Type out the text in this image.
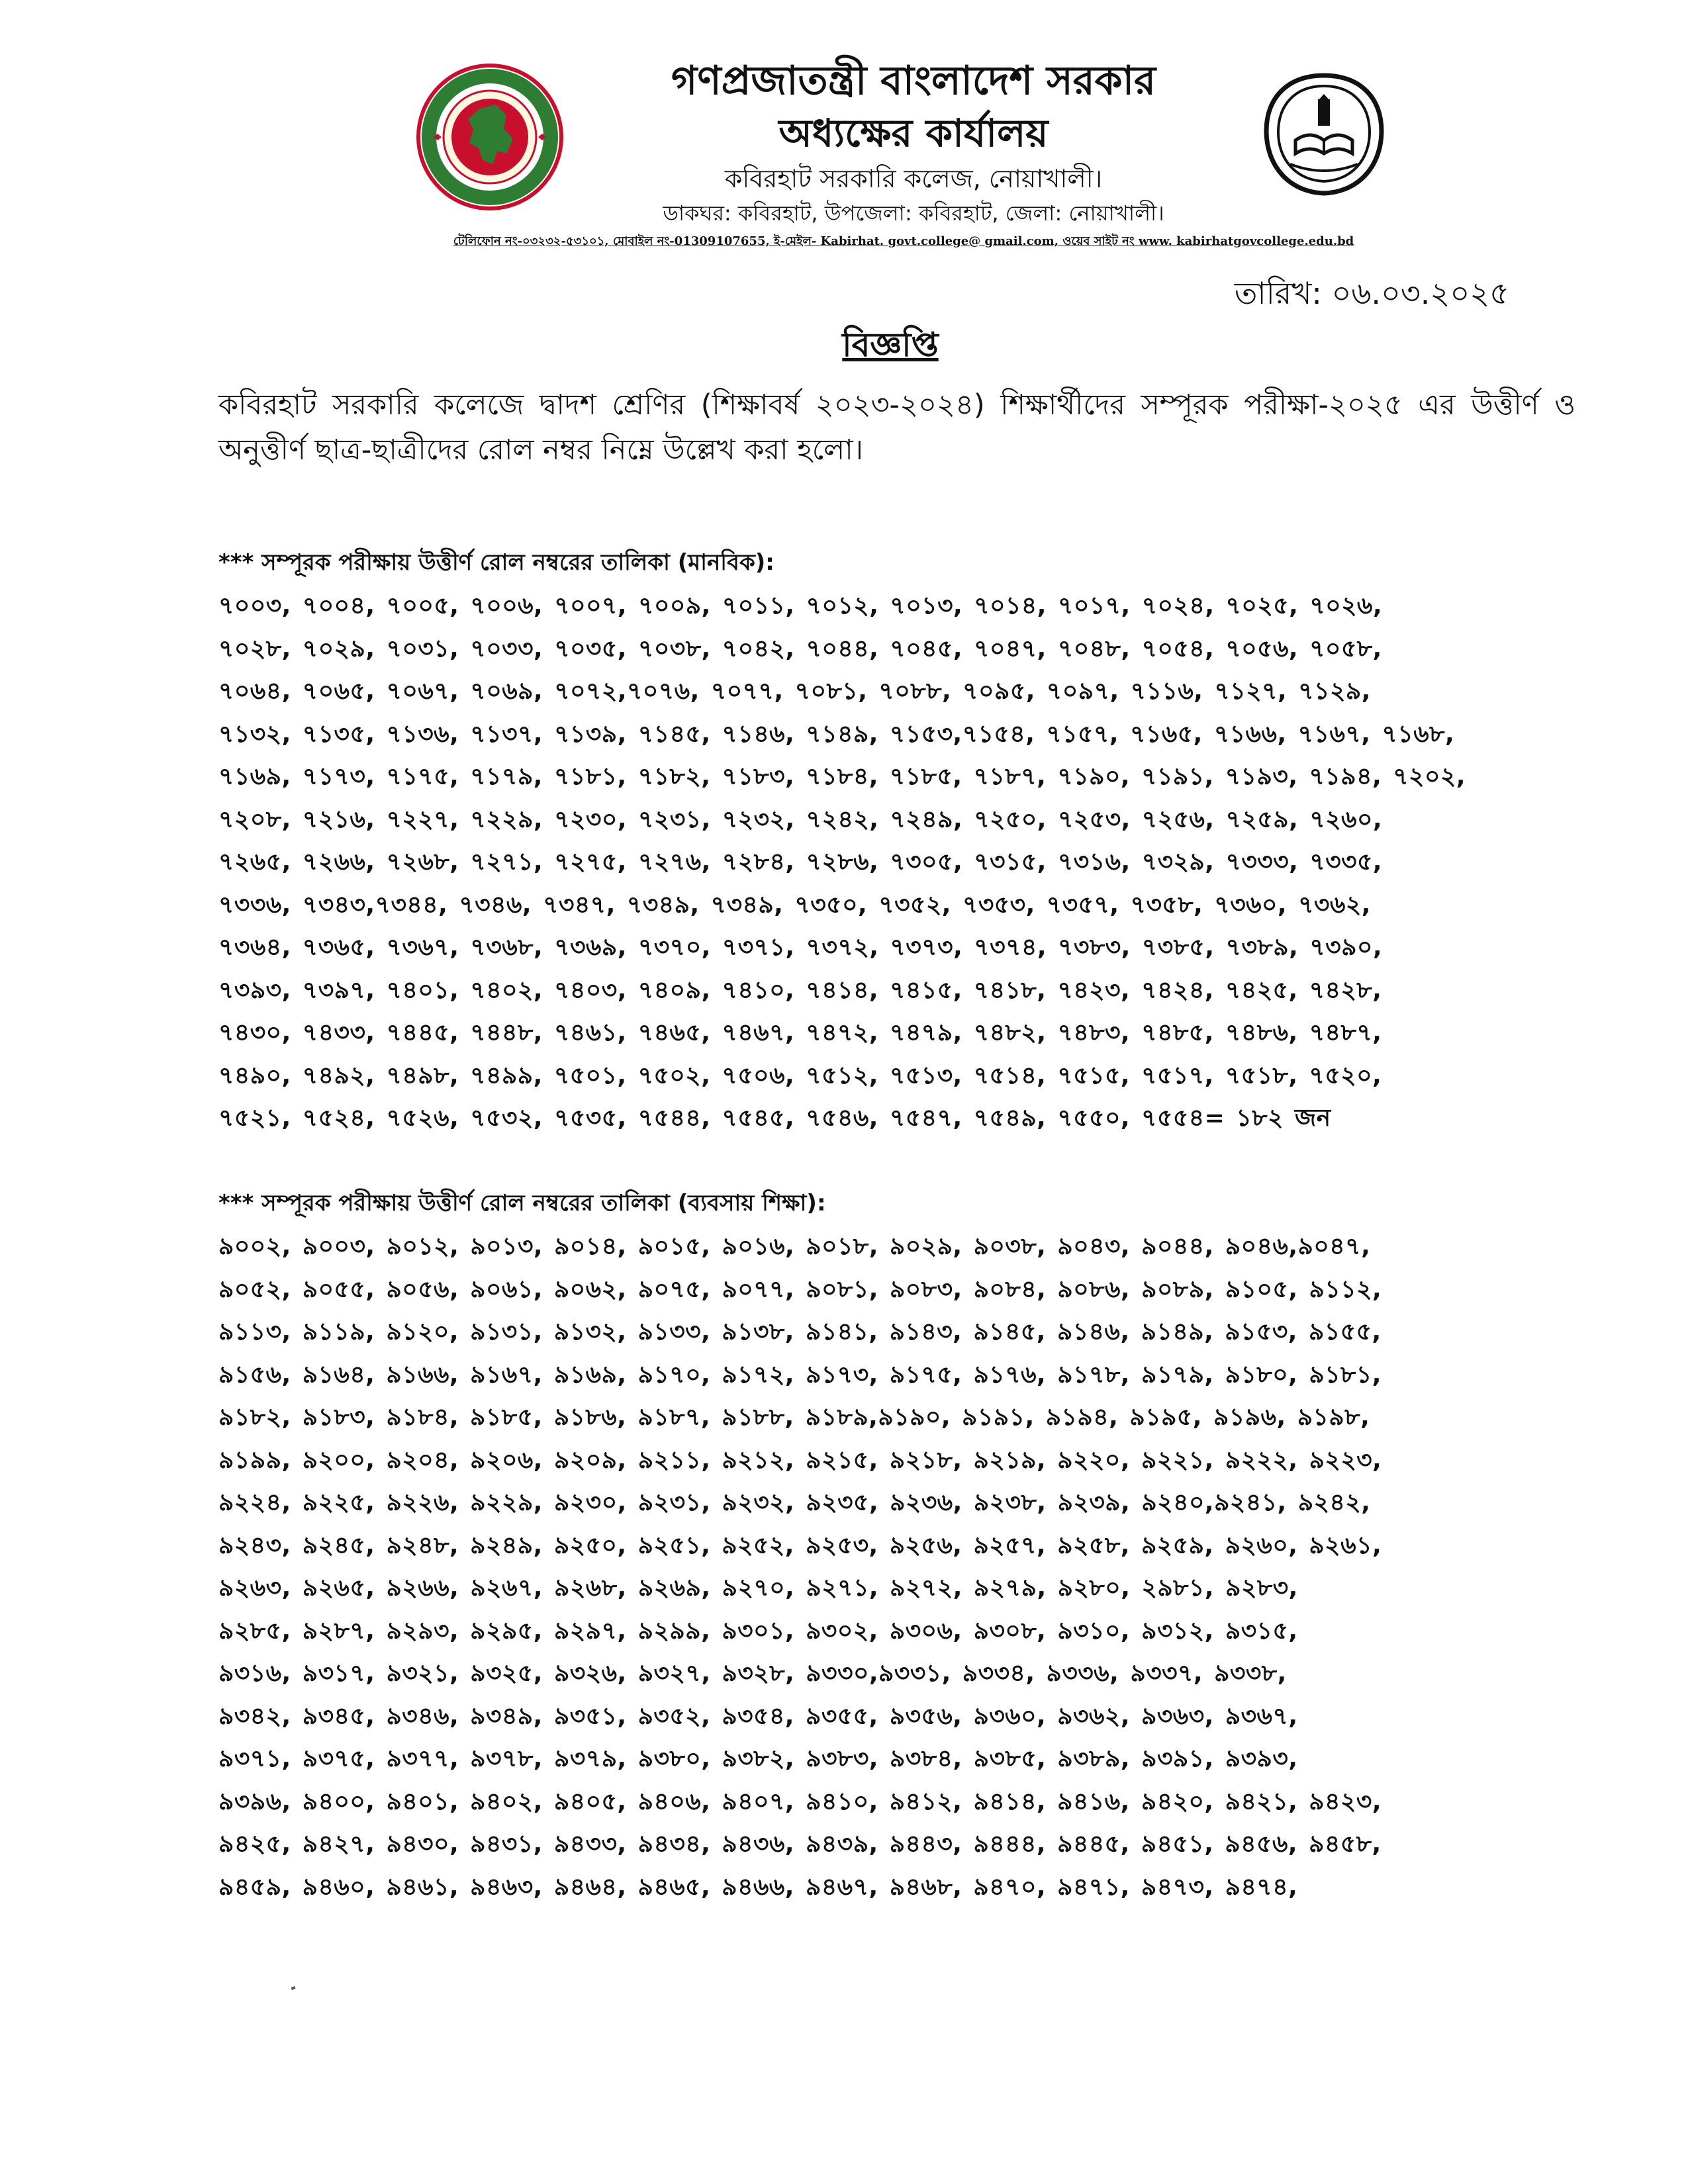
গণপ্রজাতন্ত্রী বাংলাদেশ সরকার
অধ্যক্ষের কার্যালয়
কবিরহাট সরকারি কলেজ, নোয়াখালী।
ডাকঘর: কবিরহাট, উপজেলা: কবিরহাট, জেলা: নোয়াখালী।
টেলিফোন নং-০৩২৩২-৫৩১০১, মোবাইল নং-01309107655, ই-মেইল- Kabirhat. govt.college@ gmail.com, ওয়েব সাইট নং www. kabirhatgovcollege.edu.bd
তারিখ: ০৬.০৩.২০২৫
বিজ্ঞপ্তি
কবিরহাট সরকারি কলেজে দ্বাদশ শ্রেণির (শিক্ষাবর্ষ ২০২৩-২০২৪) শিক্ষার্থীদের সম্পূরক পরীক্ষা-২০২৫ এর উত্তীর্ণ ও অনুত্তীর্ণ ছাত্র-ছাত্রীদের রোল নম্বর নিম্নে উল্লেখ করা হলো।
*** সম্পূরক পরীক্ষায় উত্তীর্ণ রোল নম্বরের তালিকা (মানবিক):
৭০০৩, ৭০০৪, ৭০০৫, ৭০০৬, ৭০০৭, ৭০০৯, ৭০১১, ৭০১২, ৭০১৩, ৭০১৪, ৭০১৭, ৭০২৪, ৭০২৫, ৭০২৬,
৭০২৮, ৭০২৯, ৭০৩১, ৭০৩৩, ৭০৩৫, ৭০৩৮, ৭০৪২, ৭০৪৪, ৭০৪৫, ৭০৪৭, ৭০৪৮, ৭০৫৪, ৭০৫৬, ৭০৫৮,
৭০৬৪, ৭০৬৫, ৭০৬৭, ৭০৬৯, ৭০৭২,৭০৭৬, ৭০৭৭, ৭০৮১, ৭০৮৮, ৭০৯৫, ৭০৯৭, ৭১১৬, ৭১২৭, ৭১২৯,
৭১৩২, ৭১৩৫, ৭১৩৬, ৭১৩৭, ৭১৩৯, ৭১৪৫, ৭১৪৬, ৭১৪৯, ৭১৫৩,৭১৫৪, ৭১৫৭, ৭১৬৫, ৭১৬৬, ৭১৬৭, ৭১৬৮,
৭১৬৯, ৭১৭৩, ৭১৭৫, ৭১৭৯, ৭১৮১, ৭১৮২, ৭১৮৩, ৭১৮৪, ৭১৮৫, ৭১৮৭, ৭১৯০, ৭১৯১, ৭১৯৩, ৭১৯৪, ৭২০২,
৭২০৮, ৭২১৬, ৭২২৭, ৭২২৯, ৭২৩০, ৭২৩১, ৭২৩২, ৭২৪২, ৭২৪৯, ৭২৫০, ৭২৫৩, ৭২৫৬, ৭২৫৯, ৭২৬০,
৭২৬৫, ৭২৬৬, ৭২৬৮, ৭২৭১, ৭২৭৫, ৭২৭৬, ৭২৮৪, ৭২৮৬, ৭৩০৫, ৭৩১৫, ৭৩১৬, ৭৩২৯, ৭৩৩৩, ৭৩৩৫,
৭৩৩৬, ৭৩৪৩,৭৩৪৪, ৭৩৪৬, ৭৩৪৭, ৭৩৪৯, ৭৩৪৯, ৭৩৫০, ৭৩৫২, ৭৩৫৩, ৭৩৫৭, ৭৩৫৮, ৭৩৬০, ৭৩৬২,
৭৩৬৪, ৭৩৬৫, ৭৩৬৭, ৭৩৬৮, ৭৩৬৯, ৭৩৭০, ৭৩৭১, ৭৩৭২, ৭৩৭৩, ৭৩৭৪, ৭৩৮৩, ৭৩৮৫, ৭৩৮৯, ৭৩৯০,
৭৩৯৩, ৭৩৯৭, ৭৪০১, ৭৪০২, ৭৪০৩, ৭৪০৯, ৭৪১০, ৭৪১৪, ৭৪১৫, ৭৪১৮, ৭৪২৩, ৭৪২৪, ৭৪২৫, ৭৪২৮,
৭৪৩০, ৭৪৩৩, ৭৪৪৫, ৭৪৪৮, ৭৪৬১, ৭৪৬৫, ৭৪৬৭, ৭৪৭২, ৭৪৭৯, ৭৪৮২, ৭৪৮৩, ৭৪৮৫, ৭৪৮৬, ৭৪৮৭,
৭৪৯০, ৭৪৯২, ৭৪৯৮, ৭৪৯৯, ৭৫০১, ৭৫০২, ৭৫০৬, ৭৫১২, ৭৫১৩, ৭৫১৪, ৭৫১৫, ৭৫১৭, ৭৫১৮, ৭৫২০,
৭৫২১, ৭৫২৪, ৭৫২৬, ৭৫৩২, ৭৫৩৫, ৭৫৪৪, ৭৫৪৫, ৭৫৪৬, ৭৫৪৭, ৭৫৪৯, ৭৫৫০, ৭৫৫৪= ১৮২ জন
*** সম্পূরক পরীক্ষায় উত্তীর্ণ রোল নম্বরের তালিকা (ব্যবসায় শিক্ষা):
৯০০২, ৯০০৩, ৯০১২, ৯০১৩, ৯০১৪, ৯০১৫, ৯০১৬, ৯০১৮, ৯০২৯, ৯০৩৮, ৯০৪৩, ৯০৪৪, ৯০৪৬,৯০৪৭,
৯০৫২, ৯০৫৫, ৯০৫৬, ৯০৬১, ৯০৬২, ৯০৭৫, ৯০৭৭, ৯০৮১, ৯০৮৩, ৯০৮৪, ৯০৮৬, ৯০৮৯, ৯১০৫, ৯১১২,
৯১১৩, ৯১১৯, ৯১২০, ৯১৩১, ৯১৩২, ৯১৩৩, ৯১৩৮, ৯১৪১, ৯১৪৩, ৯১৪৫, ৯১৪৬, ৯১৪৯, ৯১৫৩, ৯১৫৫,
৯১৫৬, ৯১৬৪, ৯১৬৬, ৯১৬৭, ৯১৬৯, ৯১৭০, ৯১৭২, ৯১৭৩, ৯১৭৫, ৯১৭৬, ৯১৭৮, ৯১৭৯, ৯১৮০, ৯১৮১,
৯১৮২, ৯১৮৩, ৯১৮৪, ৯১৮৫, ৯১৮৬, ৯১৮৭, ৯১৮৮, ৯১৮৯,৯১৯০, ৯১৯১, ৯১৯৪, ৯১৯৫, ৯১৯৬, ৯১৯৮,
৯১৯৯, ৯২০০, ৯২০৪, ৯২০৬, ৯২০৯, ৯২১১, ৯২১২, ৯২১৫, ৯২১৮, ৯২১৯, ৯২২০, ৯২২১, ৯২২২, ৯২২৩,
৯২২৪, ৯২২৫, ৯২২৬, ৯২২৯, ৯২৩০, ৯২৩১, ৯২৩২, ৯২৩৫, ৯২৩৬, ৯২৩৮, ৯২৩৯, ৯২৪০,৯২৪১, ৯২৪২,
৯২৪৩, ৯২৪৫, ৯২৪৮, ৯২৪৯, ৯২৫০, ৯২৫১, ৯২৫২, ৯২৫৩, ৯২৫৬, ৯২৫৭, ৯২৫৮, ৯২৫৯, ৯২৬০, ৯২৬১,
৯২৬৩, ৯২৬৫, ৯২৬৬, ৯২৬৭, ৯২৬৮, ৯২৬৯, ৯২৭০, ৯২৭১, ৯২৭২, ৯২৭৯, ৯২৮০, ২৯৮১, ৯২৮৩,
৯২৮৫, ৯২৮৭, ৯২৯৩, ৯২৯৫, ৯২৯৭, ৯২৯৯, ৯৩০১, ৯৩০২, ৯৩০৬, ৯৩০৮, ৯৩১০, ৯৩১২, ৯৩১৫,
৯৩১৬, ৯৩১৭, ৯৩২১, ৯৩২৫, ৯৩২৬, ৯৩২৭, ৯৩২৮, ৯৩৩০,৯৩৩১, ৯৩৩৪, ৯৩৩৬, ৯৩৩৭, ৯৩৩৮,
৯৩৪২, ৯৩৪৫, ৯৩৪৬, ৯৩৪৯, ৯৩৫১, ৯৩৫২, ৯৩৫৪, ৯৩৫৫, ৯৩৫৬, ৯৩৬০, ৯৩৬২, ৯৩৬৩, ৯৩৬৭,
৯৩৭১, ৯৩৭৫, ৯৩৭৭, ৯৩৭৮, ৯৩৭৯, ৯৩৮০, ৯৩৮২, ৯৩৮৩, ৯৩৮৪, ৯৩৮৫, ৯৩৮৯, ৯৩৯১, ৯৩৯৩,
৯৩৯৬, ৯৪০০, ৯৪০১, ৯৪০২, ৯৪০৫, ৯৪০৬, ৯৪০৭, ৯৪১০, ৯৪১২, ৯৪১৪, ৯৪১৬, ৯৪২০, ৯৪২১, ৯৪২৩,
৯৪২৫, ৯৪২৭, ৯৪৩০, ৯৪৩১, ৯৪৩৩, ৯৪৩৪, ৯৪৩৬, ৯৪৩৯, ৯৪৪৩, ৯৪৪৪, ৯৪৪৫, ৯৪৫১, ৯৪৫৬, ৯৪৫৮,
৯৪৫৯, ৯৪৬০, ৯৪৬১, ৯৪৬৩, ৯৪৬৪, ৯৪৬৫, ৯৪৬৬, ৯৪৬৭, ৯৪৬৮, ৯৪৭০, ৯৪৭১, ৯৪৭৩, ৯৪৭৪,
